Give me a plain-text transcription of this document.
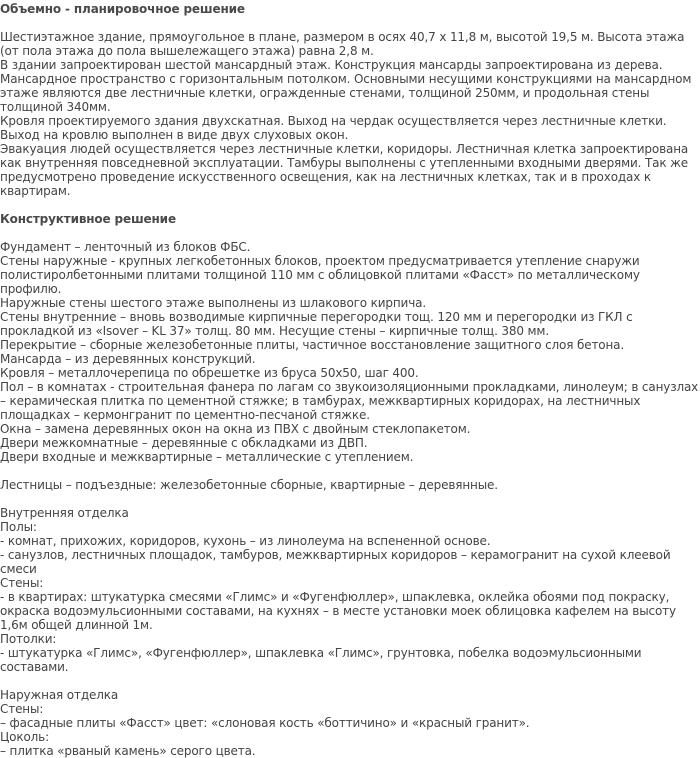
Объемно - планировочное решение

Шестиэтажное здание, прямоугольное в плане, размером в осях 40,7 х 11,8 м, высотой 19,5 м. Высота этажа (от пола этажа до пола вышележащего этажа) равна 2,8 м.

В здании запроектирован шестой мансардный этаж. Конструкция мансарды запроектирована из дерева. Мансардное пространство с горизонтальным потолком. Основными несущими конструкциями на мансардном этаже являются две лестничные клетки, огражденные стенами, толщиной 250мм, и продольная стены толщиной 340мм.

Кровля проектируемого здания двухскатная. Выход на чердак осуществляется через лестничные клетки. Выход на кровлю выполнен в виде двух слуховых окон.

Эвакуация людей осуществляется через лестничные клетки, коридоры. Лестничная клетка запроектирована как внутренняя повседневной эксплуатации. Тамбуры выполнены с утепленными входными дверями. Так же предусмотрено проведение искусственного освещения, как на лестничных клетках, так и в проходах к квартирам.

Конструктивное решение

Фундамент – ленточный из блоков ФБС.

Стены наружные - крупных легкобетонных блоков, проектом предусматривается утепление снаружи полистиролбетонными плитами толщиной 110 мм с облицовкой плитами «Фасст» по металлическому профилю.

Наружные стены шестого этаже выполнены из шлакового кирпича.

Стены внутренние – вновь возводимые кирпичные перегородки тощ. 120 мм и перегородки из ГКЛ с прокладкой из «Isover – KL 37» толщ. 80 мм. Несущие стены – кирпичные толщ. 380 мм.

Перекрытие – сборные железобетонные плиты, частичное восстановление защитного слоя бетона.

Мансарда – из деревянных конструкций.

Кровля – металлочерепица по обрешетке из бруса 50х50, шаг 400.

Пол – в комнатах - строительная фанера по лагам со звукоизоляционными прокладками, линолеум; в санузлах – керамическая плитка по цементной стяжке; в тамбурах, межквартирных коридорах, на лестничных площадках – кермонгранит по цементно-песчаной стяжке.

Окна – замена деревянных окон на окна из ПВХ с двойным стеклопакетом.

Двери межкомнатные – деревянные с обкладками из ДВП.

Двери входные и межквартирные – металлические с утеплением.

Лестницы – подъездные: железобетонные сборные, квартирные – деревянные.

Внутренняя отделка

Полы:

- комнат, прихожих, коридоров, кухонь – из линолеума на вспененной основе.

- санузлов, лестничных площадок, тамбуров, межквартирных коридоров – керамогранит на сухой клеевой смеси

Стены:

- в квартирах: штукатурка смесями «Глимс» и «Фугенфюллер», шпаклевка, оклейка обоями под покраску, окраска водоэмульсионными составами, на кухнях – в месте установки моек облицовка кафелем на высоту 1,6м общей длинной 1м.

Потолки:

- штукатурка «Глимс», «Фугенфюллер», шпаклевка «Глимс», грунтовка, побелка водоэмульсионными составами.

Наружная отделка

Стены:

– фасадные плиты «Фасст» цвет: «слоновая кость «боттичино» и «красный гранит».

Цоколь:

– плитка «рваный камень» серого цвета.
